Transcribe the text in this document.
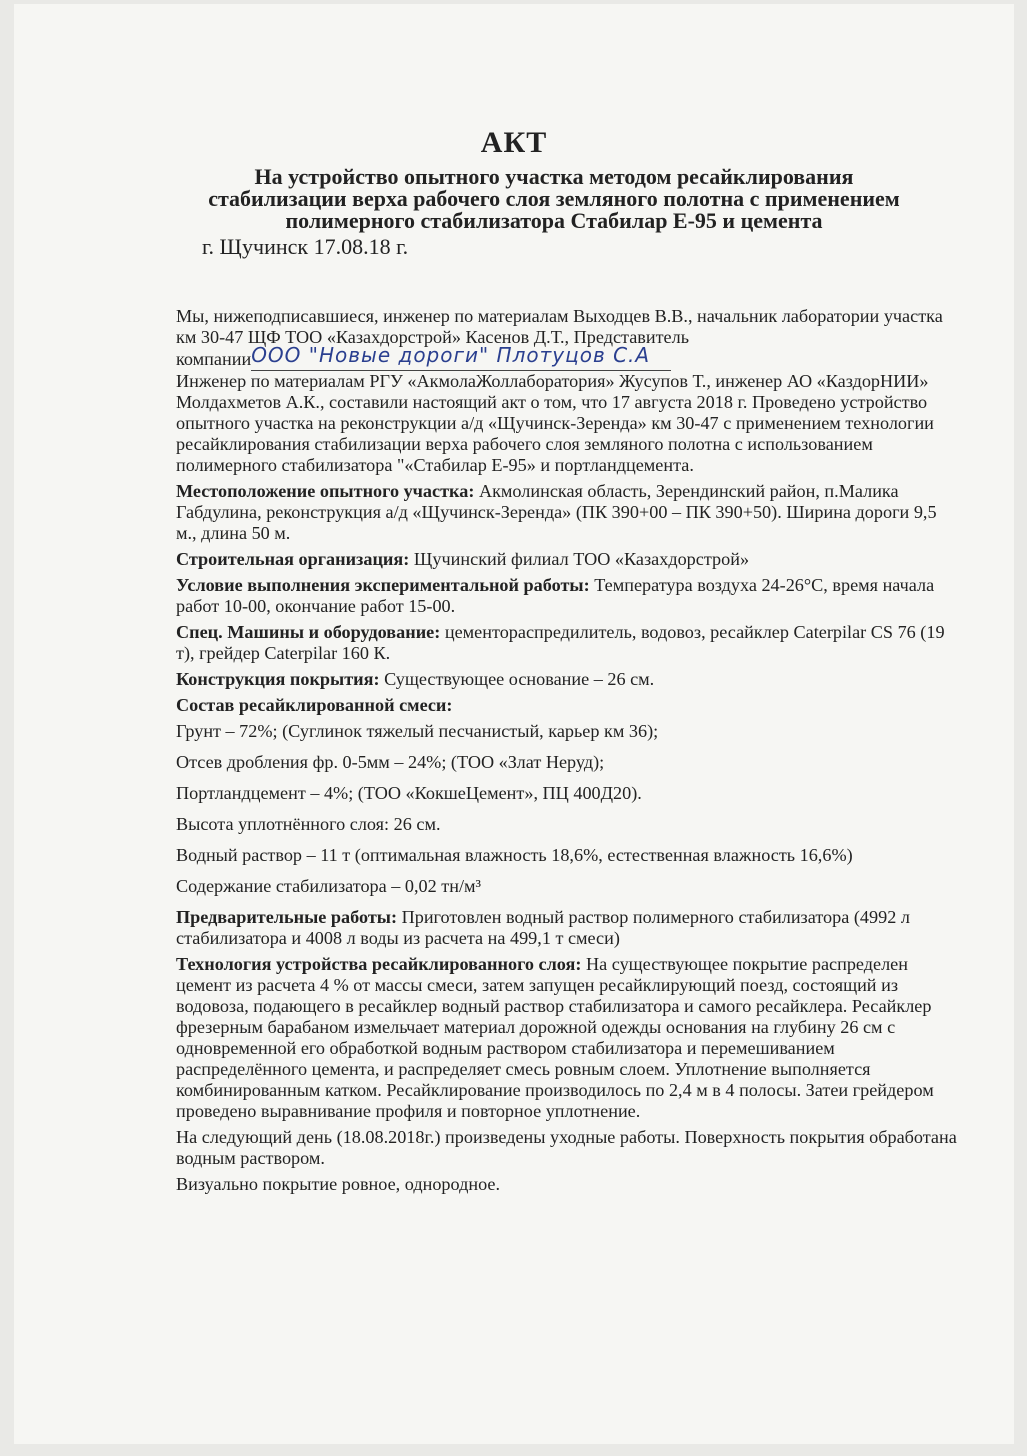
АКТ
На устройство опытного участка методом ресайклирования
стабилизации верха рабочего слоя земляного полотна с применением
полимерного стабилизатора Стабилар Е-95 и цемента
г. Щучинск 17.08.18 г.

Мы, нижеподписавшиеся, инженер по материалам Выходцев В.В., начальник лаборатории участка км 30-47 ЩФ ТОО «Казахдорстрой» Касенов Д.Т., Представитель
компанииООО "Новые дороги" Плотуцов С.А
Инженер по материалам РГУ «АкмолаЖоллаборатория» Жусупов Т., инженер АО «КаздорНИИ» Молдахметов А.К., составили настоящий акт о том, что 17 августа 2018 г. Проведено устройство опытного участка на реконструкции а/д «Щучинск-Зеренда» км 30-47 с применением технологии ресайклирования стабилизации верха рабочего слоя земляного полотна с использованием полимерного стабилизатора "«Стабилар Е-95» и портландцемента.

Местоположение опытного участка: Акмолинская область, Зерендинский район, п.Малика Габдулина, реконструкция а/д «Щучинск-Зеренда» (ПК 390+00 – ПК 390+50). Ширина дороги 9,5 м., длина 50 м.

Строительная организация: Щучинский филиал ТОО «Казахдорстрой»

Условие выполнения экспериментальной работы: Температура воздуха 24-26°С, время начала работ 10-00, окончание работ 15-00.

Спец. Машины и оборудование: цементораспредилитель, водовоз, ресайклер Caterpilar CS 76 (19 т), грейдер Caterpilar 160 К.

Конструкция покрытия: Существующее основание – 26 см.

Состав ресайклированной смеси:

Грунт – 72%; (Суглинок тяжелый песчанистый, карьер км 36);

Отсев дробления фр. 0-5мм – 24%; (ТОО «Злат Неруд);

Портландцемент – 4%; (ТОО «КокшеЦемент», ПЦ 400Д20).

Высота уплотнённого слоя: 26 см.

Водный раствор – 11 т (оптимальная влажность 18,6%, естественная влажность 16,6%)

Содержание стабилизатора – 0,02 тн/м³

Предварительные работы: Приготовлен водный раствор полимерного стабилизатора (4992 л стабилизатора и 4008 л воды из расчета на 499,1 т смеси)

Технология устройства ресайклированного слоя: На существующее покрытие распределен цемент из расчета 4 % от массы смеси, затем запущен ресайклирующий поезд, состоящий из водовоза, подающего в ресайклер водный раствор стабилизатора и самого ресайклера. Ресайклер фрезерным барабаном измельчает материал дорожной одежды основания на глубину 26 см с одновременной его обработкой водным раствором стабилизатора и перемешиванием распределённого цемента, и распределяет смесь ровным слоем. Уплотнение выполняется комбинированным катком. Ресайклирование производилось по 2,4 м в 4 полосы. Затеи грейдером проведено выравнивание профиля и повторное уплотнение.

На следующий день (18.08.2018г.) произведены уходные работы. Поверхность покрытия обработана водным раствором.

Визуально покрытие ровное, однородное.
